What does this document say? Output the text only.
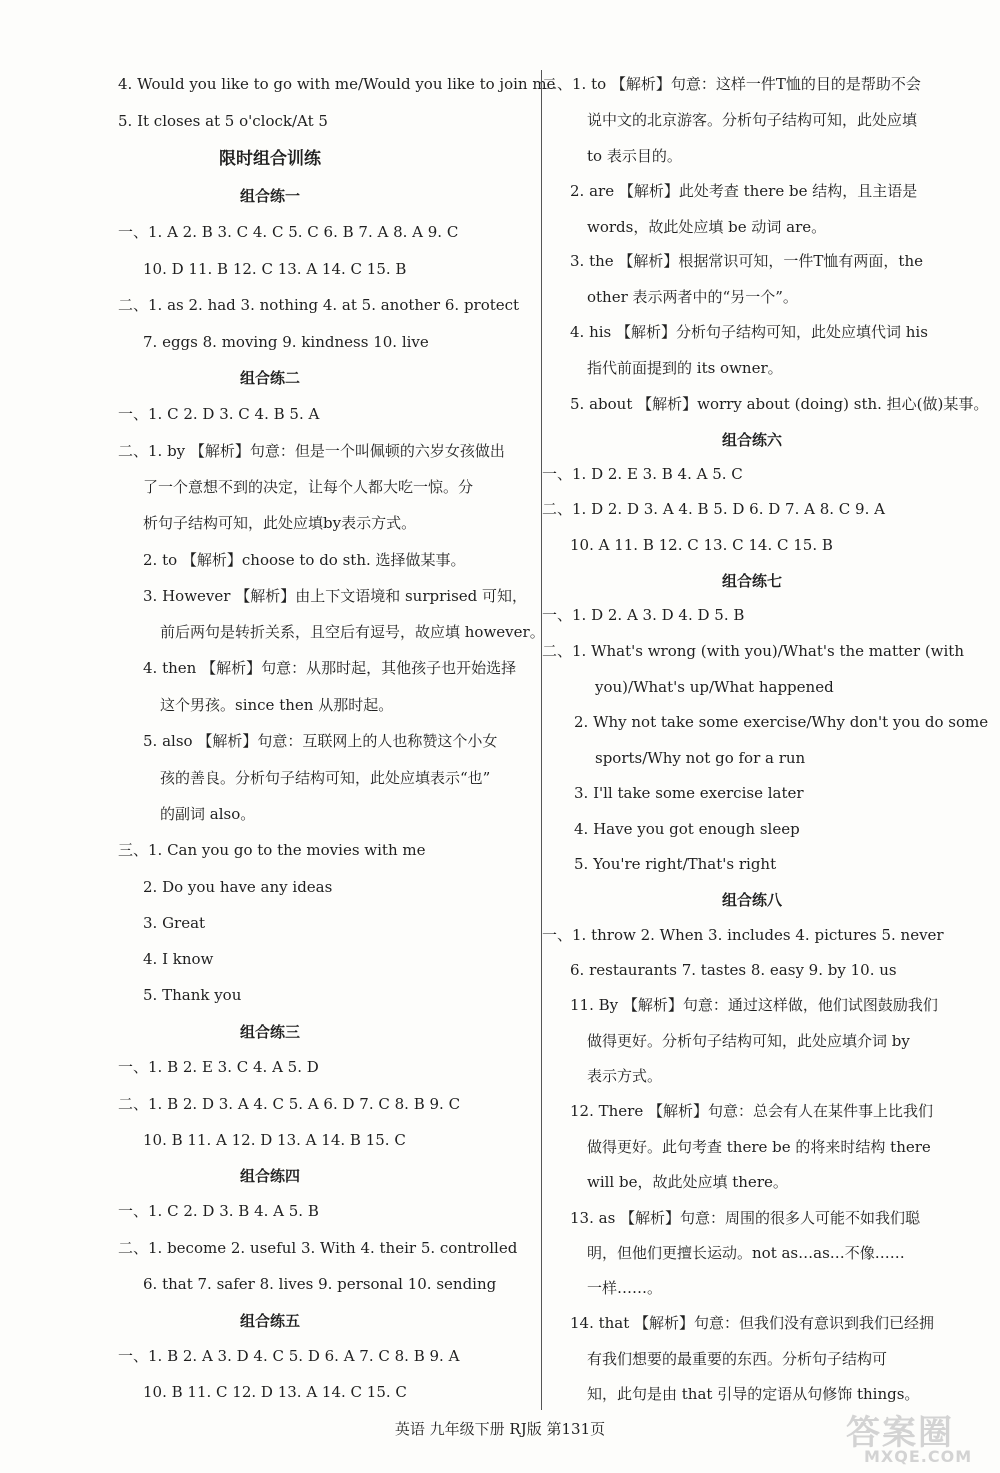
4. Would you like to go with me/Would you like to join me
5. It closes at 5 o'clock/At 5
限时组合训练
组合练一
一、1. A 2. B 3. C 4. C 5. C 6. B 7. A 8. A 9. C
10. D 11. B 12. C 13. A 14. C 15. B
二、1. as 2. had 3. nothing 4. at 5. another 6. protect
7. eggs 8. moving 9. kindness 10. live
组合练二
一、1. C 2. D 3. C 4. B 5. A
二、1. by 【解析】句意：但是一个叫佩顿的六岁女孩做出
了一个意想不到的决定，让每个人都大吃一惊。分
析句子结构可知，此处应填by表示方式。
2. to 【解析】choose to do sth. 选择做某事。
3. However 【解析】由上下文语境和 surprised 可知，
前后两句是转折关系，且空后有逗号，故应填 however。
4. then 【解析】句意：从那时起，其他孩子也开始选择
这个男孩。since then 从那时起。
5. also 【解析】句意：互联网上的人也称赞这个小女
孩的善良。分析句子结构可知，此处应填表示“也”
的副词 also。
三、1. Can you go to the movies with me
2. Do you have any ideas
3. Great
4. I know
5. Thank you
组合练三
一、1. B 2. E 3. C 4. A 5. D
二、1. B 2. D 3. A 4. C 5. A 6. D 7. C 8. B 9. C
10. B 11. A 12. D 13. A 14. B 15. C
组合练四
一、1. C 2. D 3. B 4. A 5. B
二、1. become 2. useful 3. With 4. their 5. controlled
6. that 7. safer 8. lives 9. personal 10. sending
组合练五
一、1. B 2. A 3. D 4. C 5. D 6. A 7. C 8. B 9. A
10. B 11. C 12. D 13. A 14. C 15. C
二、1. to 【解析】句意：这样一件T恤的目的是帮助不会
说中文的北京游客。分析句子结构可知，此处应填
to 表示目的。
2. are 【解析】此处考查 there be 结构，且主语是
words，故此处应填 be 动词 are。
3. the 【解析】根据常识可知，一件T恤有两面，the
other 表示两者中的“另一个”。
4. his 【解析】分析句子结构可知，此处应填代词 his
指代前面提到的 its owner。
5. about 【解析】worry about (doing) sth. 担心(做)某事。
组合练六
一、1. D 2. E 3. B 4. A 5. C
二、1. D 2. D 3. A 4. B 5. D 6. D 7. A 8. C 9. A
10. A 11. B 12. C 13. C 14. C 15. B
组合练七
一、1. D 2. A 3. D 4. D 5. B
二、1. What's wrong (with you)/What's the matter (with
you)/What's up/What happened
2. Why not take some exercise/Why don't you do some
sports/Why not go for a run
3. I'll take some exercise later
4. Have you got enough sleep
5. You're right/That's right
组合练八
一、1. throw 2. When 3. includes 4. pictures 5. never
6. restaurants 7. tastes 8. easy 9. by 10. us
11. By 【解析】句意：通过这样做，他们试图鼓励我们
做得更好。分析句子结构可知，此处应填介词 by
表示方式。
12. There 【解析】句意：总会有人在某件事上比我们
做得更好。此句考查 there be 的将来时结构 there
will be，故此处应填 there。
13. as 【解析】句意：周围的很多人可能不如我们聪
明，但他们更擅长运动。not as…as…不像……
一样……。
14. that 【解析】句意：但我们没有意识到我们已经拥
有我们想要的最重要的东西。分析句子结构可
知，此句是由 that 引导的定语从句修饰 things。
英语 九年级下册 RJ版 第131页	答案圈
MXQE.COM
